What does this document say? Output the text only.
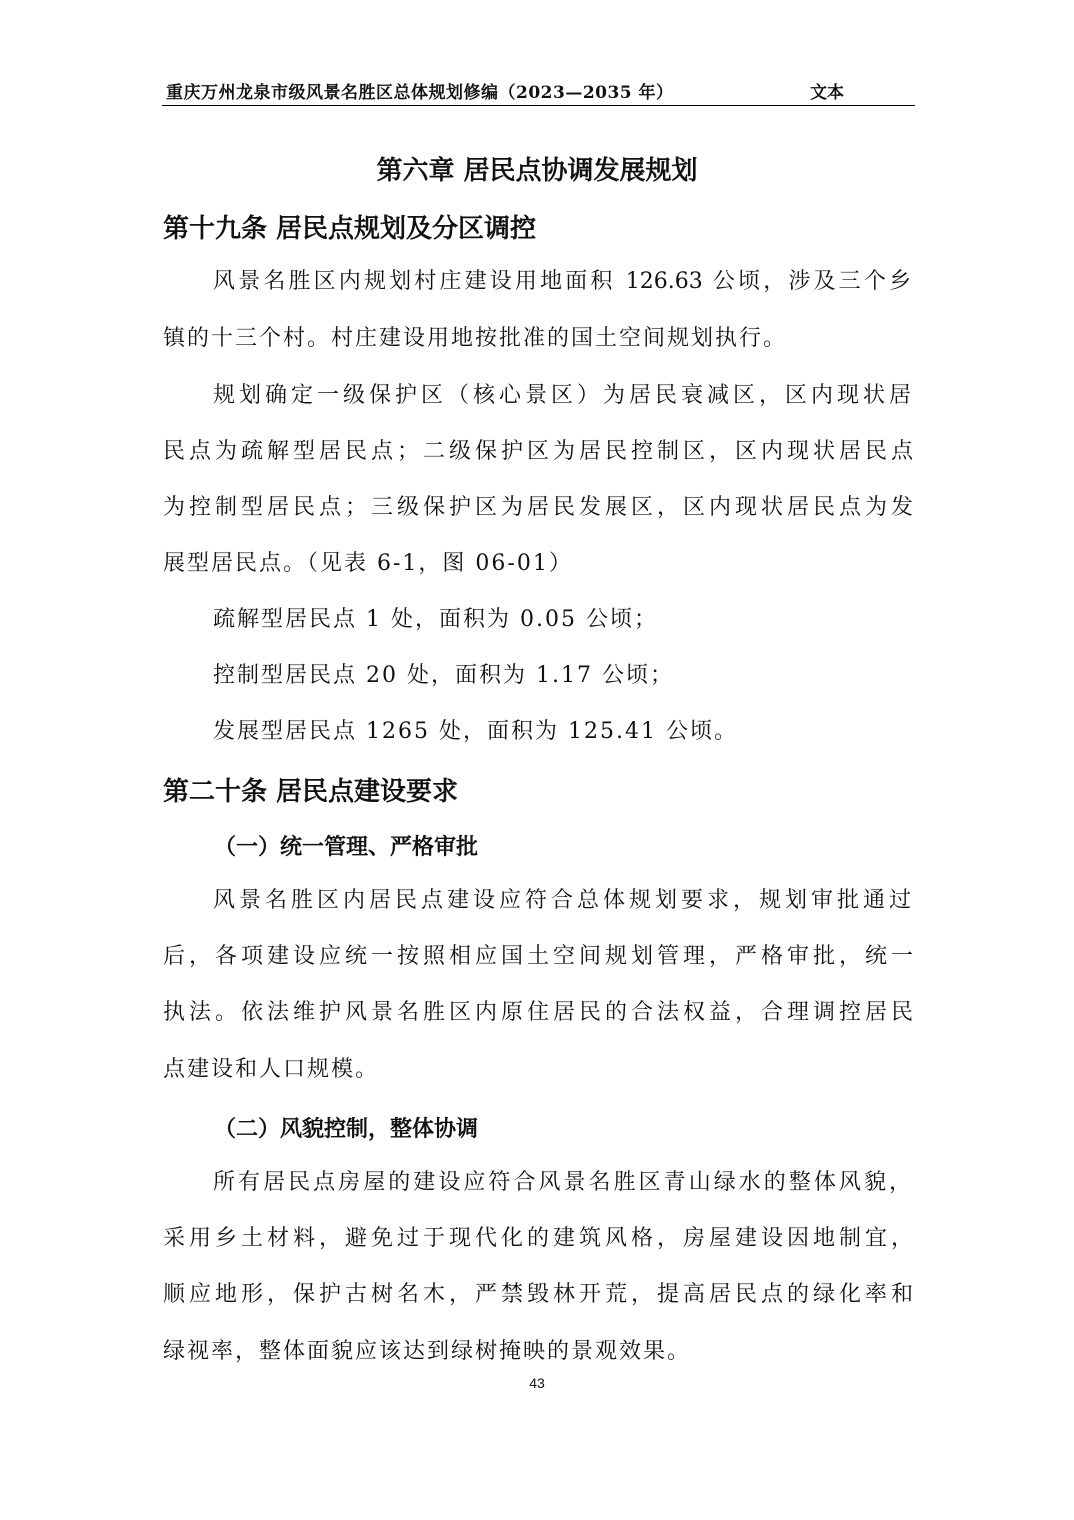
重庆万州龙泉市级风景名胜区总体规划修编（2023—2035 年）	文本
第六章 居民点协调发展规划
第十九条 居民点规划及分区调控
风景名胜区内规划村庄建设用地面积 126.63 公顷，涉及三个乡
镇的十三个村。村庄建设用地按批准的国土空间规划执行。
规划确定一级保护区（核心景区）为居民衰减区，区内现状居
民点为疏解型居民点；二级保护区为居民控制区，区内现状居民点
为控制型居民点；三级保护区为居民发展区，区内现状居民点为发
展型居民点。（见表 6-1，图 06-01）
疏解型居民点 1 处，面积为 0.05 公顷；
控制型居民点 20 处，面积为 1.17 公顷；
发展型居民点 1265 处，面积为 125.41 公顷。
第二十条 居民点建设要求
（一）统一管理、严格审批
风景名胜区内居民点建设应符合总体规划要求，规划审批通过
后，各项建设应统一按照相应国土空间规划管理，严格审批，统一
执法。依法维护风景名胜区内原住居民的合法权益，合理调控居民
点建设和人口规模。
（二）风貌控制，整体协调
所有居民点房屋的建设应符合风景名胜区青山绿水的整体风貌，
采用乡土材料，避免过于现代化的建筑风格，房屋建设因地制宜，
顺应地形，保护古树名木，严禁毁林开荒，提高居民点的绿化率和
绿视率，整体面貌应该达到绿树掩映的景观效果。
43
